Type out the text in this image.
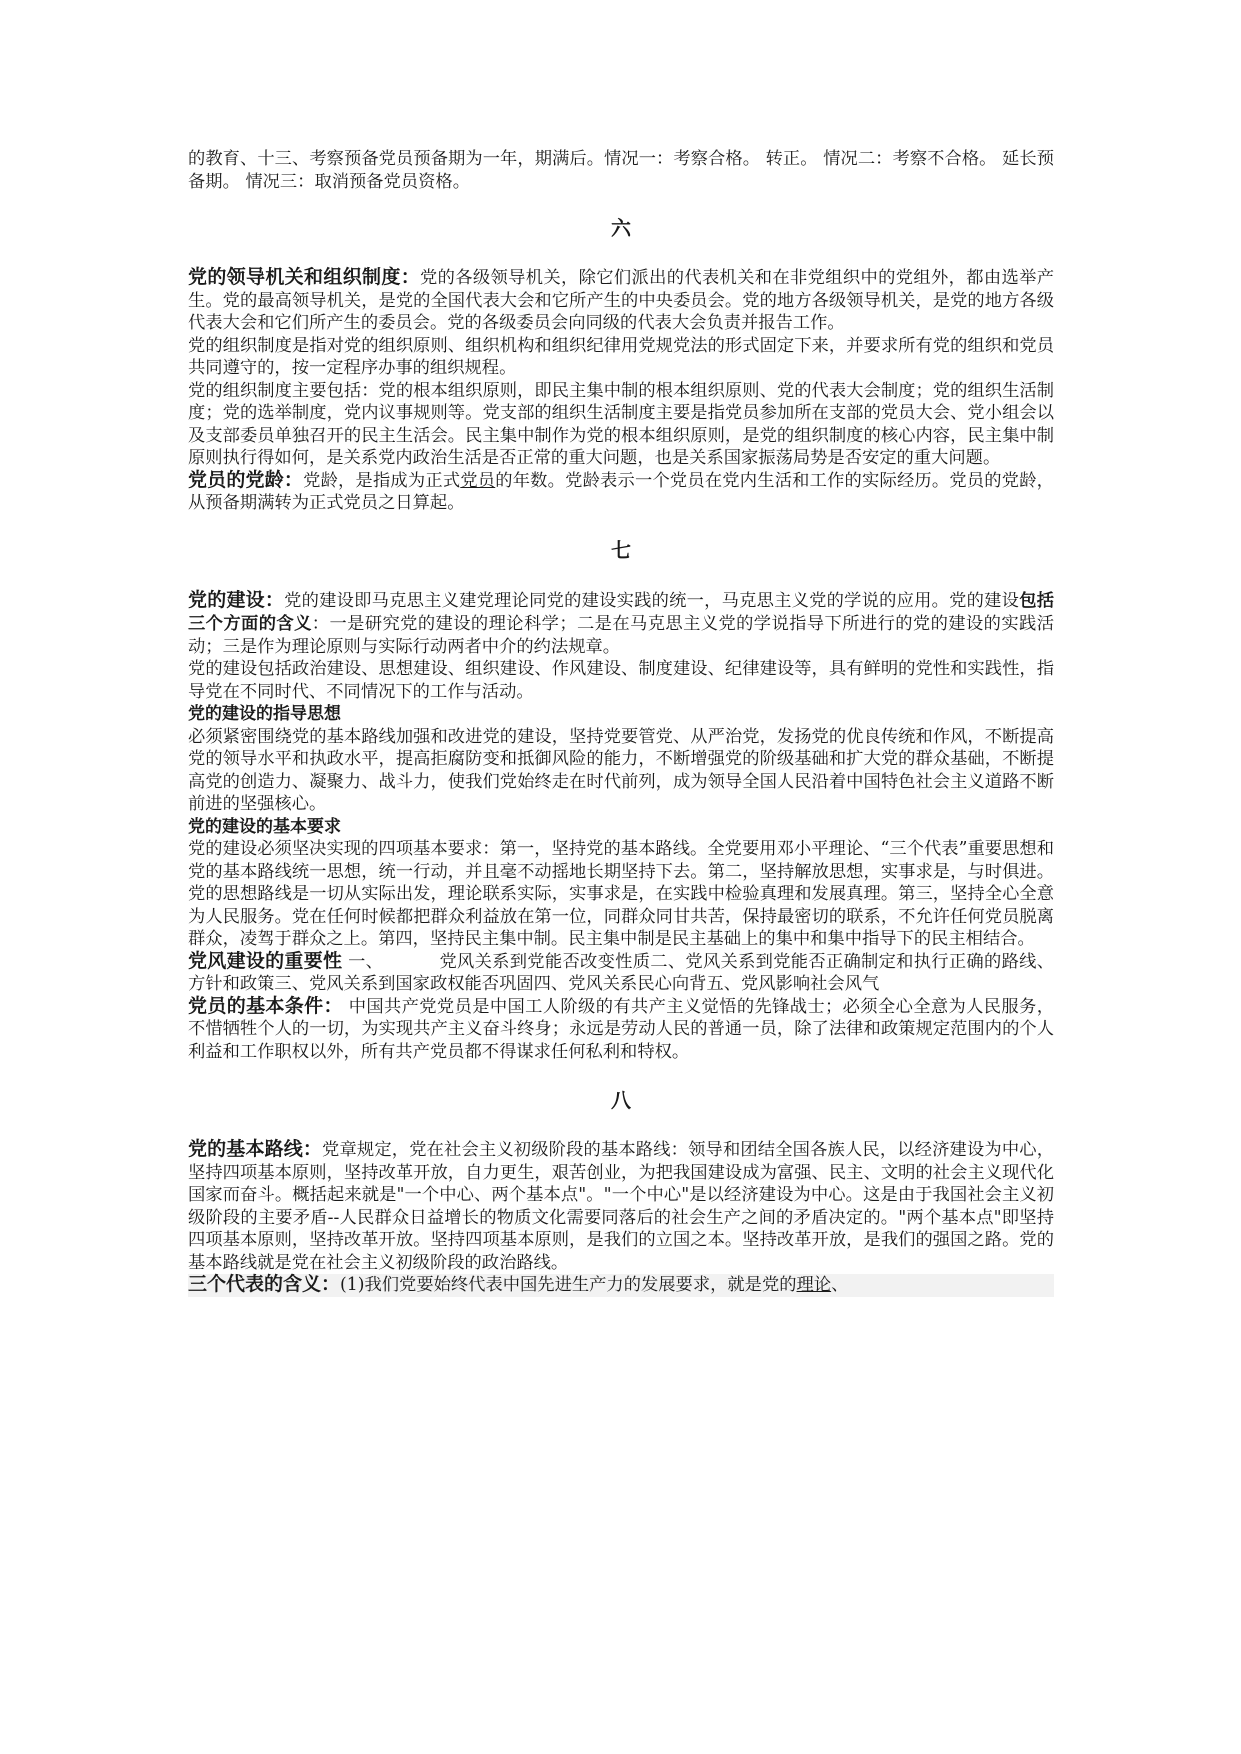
的教育、十三、考察预备党员预备期为一年，期满后。情况一：考察合格。 转正。 情况二：考察不合格。 延长预备期。 情况三：取消预备党员资格。

六

党的领导机关和组织制度：党的各级领导机关，除它们派出的代表机关和在非党组织中的党组外，都由选举产生。党的最高领导机关，是党的全国代表大会和它所产生的中央委员会。党的地方各级领导机关，是党的地方各级代表大会和它们所产生的委员会。党的各级委员会向同级的代表大会负责并报告工作。

党的组织制度是指对党的组织原则、组织机构和组织纪律用党规党法的形式固定下来，并要求所有党的组织和党员共同遵守的，按一定程序办事的组织规程。

党的组织制度主要包括：党的根本组织原则，即民主集中制的根本组织原则、党的代表大会制度；党的组织生活制度；党的选举制度，党内议事规则等。党支部的组织生活制度主要是指党员参加所在支部的党员大会、党小组会以及支部委员单独召开的民主生活会。民主集中制作为党的根本组织原则，是党的组织制度的核心内容，民主集中制原则执行得如何，是关系党内政治生活是否正常的重大问题，也是关系国家振荡局势是否安定的重大问题。

党员的党龄：党龄，是指成为正式党员的年数。党龄表示一个党员在党内生活和工作的实际经历。党员的党龄，从预备期满转为正式党员之日算起。

七

党的建设：党的建设即马克思主义建党理论同党的建设实践的统一，马克思主义党的学说的应用。党的建设包括三个方面的含义：一是研究党的建设的理论科学；二是在马克思主义党的学说指导下所进行的党的建设的实践活动；三是作为理论原则与实际行动两者中介的约法规章。

党的建设包括政治建设、思想建设、组织建设、作风建设、制度建设、纪律建设等，具有鲜明的党性和实践性，指导党在不同时代、不同情况下的工作与活动。

党的建设的指导思想

必须紧密围绕党的基本路线加强和改进党的建设，坚持党要管党、从严治党，发扬党的优良传统和作风，不断提高党的领导水平和执政水平，提高拒腐防变和抵御风险的能力，不断增强党的阶级基础和扩大党的群众基础，不断提高党的创造力、凝聚力、战斗力，使我们党始终走在时代前列，成为领导全国人民沿着中国特色社会主义道路不断前进的坚强核心。

党的建设的基本要求

党的建设必须坚决实现的四项基本要求：第一，坚持党的基本路线。全党要用邓小平理论、“三个代表”重要思想和党的基本路线统一思想，统一行动，并且毫不动摇地长期坚持下去。第二，坚持解放思想，实事求是，与时俱进。党的思想路线是一切从实际出发，理论联系实际，实事求是，在实践中检验真理和发展真理。第三，坚持全心全意为人民服务。党在任何时候都把群众利益放在第一位，同群众同甘共苦，保持最密切的联系，不允许任何党员脱离群众，凌驾于群众之上。第四，坚持民主集中制。民主集中制是民主基础上的集中和集中指导下的民主相结合。

党风建设的重要性 一、	党风关系到党能否改变性质二、党风关系到党能否正确制定和执行正确的路线、方针和政策三、党风关系到国家政权能否巩固四、党风关系民心向背五、党风影响社会风气

党员的基本条件： 中国共产党党员是中国工人阶级的有共产主义觉悟的先锋战士；必须全心全意为人民服务，不惜牺牲个人的一切，为实现共产主义奋斗终身；永远是劳动人民的普通一员，除了法律和政策规定范围内的个人利益和工作职权以外，所有共产党员都不得谋求任何私利和特权。

八

党的基本路线：党章规定，党在社会主义初级阶段的基本路线：领导和团结全国各族人民，以经济建设为中心，坚持四项基本原则，坚持改革开放，自力更生，艰苦创业，为把我国建设成为富强、民主、文明的社会主义现代化国家而奋斗。概括起来就是"一个中心、两个基本点"。"一个中心"是以经济建设为中心。这是由于我国社会主义初级阶段的主要矛盾--人民群众日益增长的物质文化需要同落后的社会生产之间的矛盾决定的。"两个基本点"即坚持四项基本原则，坚持改革开放。坚持四项基本原则，是我们的立国之本。坚持改革开放，是我们的强国之路。党的基本路线就是党在社会主义初级阶段的政治路线。

三个代表的含义：(1)我们党要始终代表中国先进生产力的发展要求，就是党的理论、
